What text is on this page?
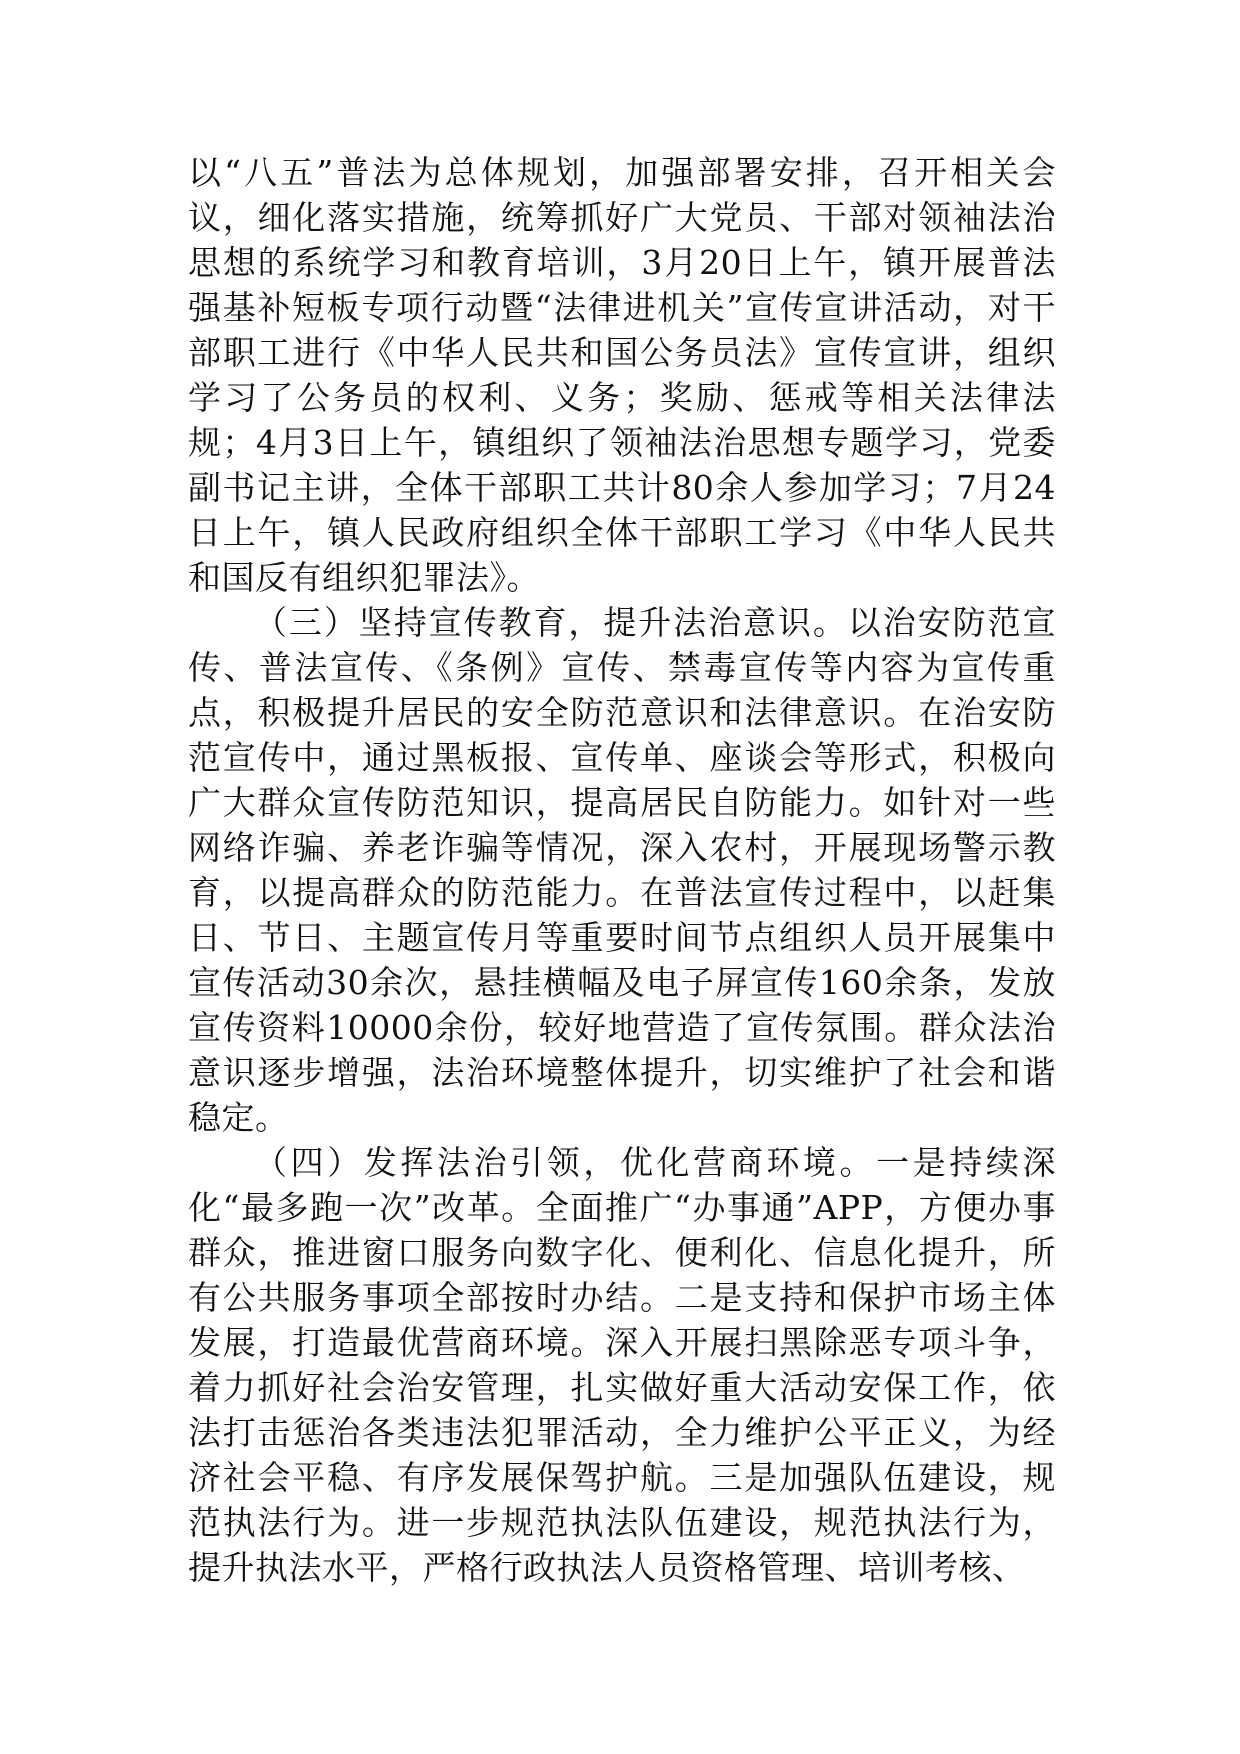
以“八五”普法为总体规划，加强部署安排，召开相关会议，细化落实措施，统筹抓好广大党员、干部对领袖法治思想的系统学习和教育培训，3月20日上午，镇开展普法强基补短板专项行动暨“法律进机关”宣传宣讲活动，对干部职工进行《中华人民共和国公务员法》宣传宣讲，组织学习了公务员的权利、义务；奖励、惩戒等相关法律法规；4月3日上午，镇组织了领袖法治思想专题学习，党委副书记主讲，全体干部职工共计80余人参加学习；7月24日上午，镇人民政府组织全体干部职工学习《中华人民共和国反有组织犯罪法》。

（三）坚持宣传教育，提升法治意识。以治安防范宣传、普法宣传、《条例》宣传、禁毒宣传等内容为宣传重点，积极提升居民的安全防范意识和法律意识。在治安防范宣传中，通过黑板报、宣传单、座谈会等形式，积极向广大群众宣传防范知识，提高居民自防能力。如针对一些网络诈骗、养老诈骗等情况，深入农村，开展现场警示教育，以提高群众的防范能力。在普法宣传过程中，以赶集日、节日、主题宣传月等重要时间节点组织人员开展集中宣传活动30余次，悬挂横幅及电子屏宣传160余条，发放宣传资料10000余份，较好地营造了宣传氛围。群众法治意识逐步增强，法治环境整体提升，切实维护了社会和谐稳定。

（四）发挥法治引领，优化营商环境。一是持续深化“最多跑一次”改革。全面推广“办事通”APP，方便办事群众，推进窗口服务向数字化、便利化、信息化提升，所有公共服务事项全部按时办结。二是支持和保护市场主体发展，打造最优营商环境。深入开展扫黑除恶专项斗争，着力抓好社会治安管理，扎实做好重大活动安保工作，依法打击惩治各类违法犯罪活动，全力维护公平正义，为经济社会平稳、有序发展保驾护航。三是加强队伍建设，规范执法行为。进一步规范执法队伍建设，规范执法行为，提升执法水平，严格行政执法人员资格管理、培训考核、
